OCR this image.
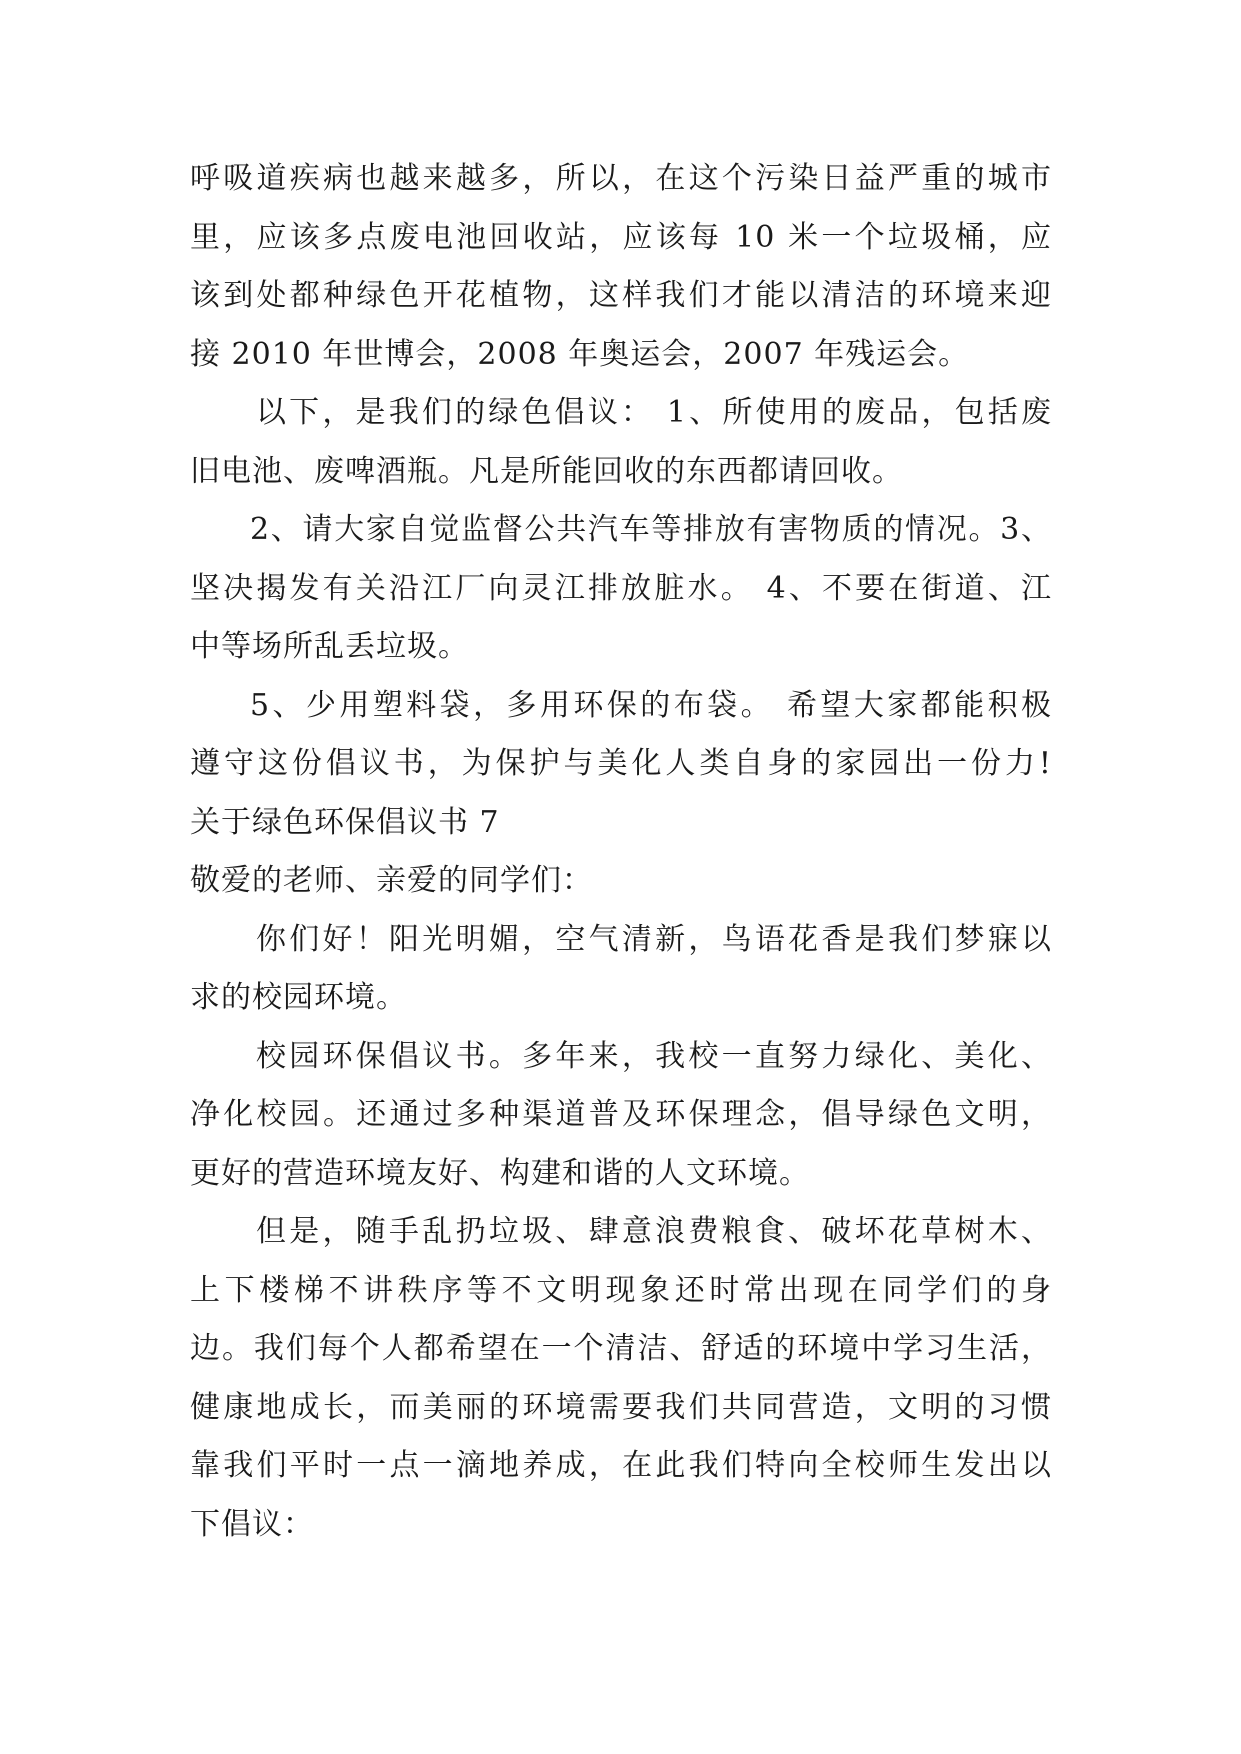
呼吸道疾病也越来越多，所以，在这个污染日益严重的城市
里，应该多点废电池回收站，应该每 10 米一个垃圾桶，应
该到处都种绿色开花植物，这样我们才能以清洁的环境来迎
接 2010 年世博会，2008 年奥运会，2007 年残运会。
以下，是我们的绿色倡议： 1、所使用的废品，包括废
旧电池、废啤酒瓶。凡是所能回收的东西都请回收。
2、请大家自觉监督公共汽车等排放有害物质的情况。3、
坚决揭发有关沿江厂向灵江排放脏水。 4、不要在街道、江
中等场所乱丢垃圾。
5、少用塑料袋，多用环保的布袋。 希望大家都能积极
遵守这份倡议书，为保护与美化人类自身的家园出一份力!
关于绿色环保倡议书 7
敬爱的老师、亲爱的同学们：
你们好！阳光明媚，空气清新，鸟语花香是我们梦寐以
求的校园环境。
校园环保倡议书。多年来，我校一直努力绿化、美化、
净化校园。还通过多种渠道普及环保理念，倡导绿色文明，
更好的营造环境友好、构建和谐的人文环境。
但是，随手乱扔垃圾、肆意浪费粮食、破坏花草树木、
上下楼梯不讲秩序等不文明现象还时常出现在同学们的身
边。我们每个人都希望在一个清洁、舒适的环境中学习生活，
健康地成长，而美丽的环境需要我们共同营造，文明的习惯
靠我们平时一点一滴地养成，在此我们特向全校师生发出以
下倡议：
